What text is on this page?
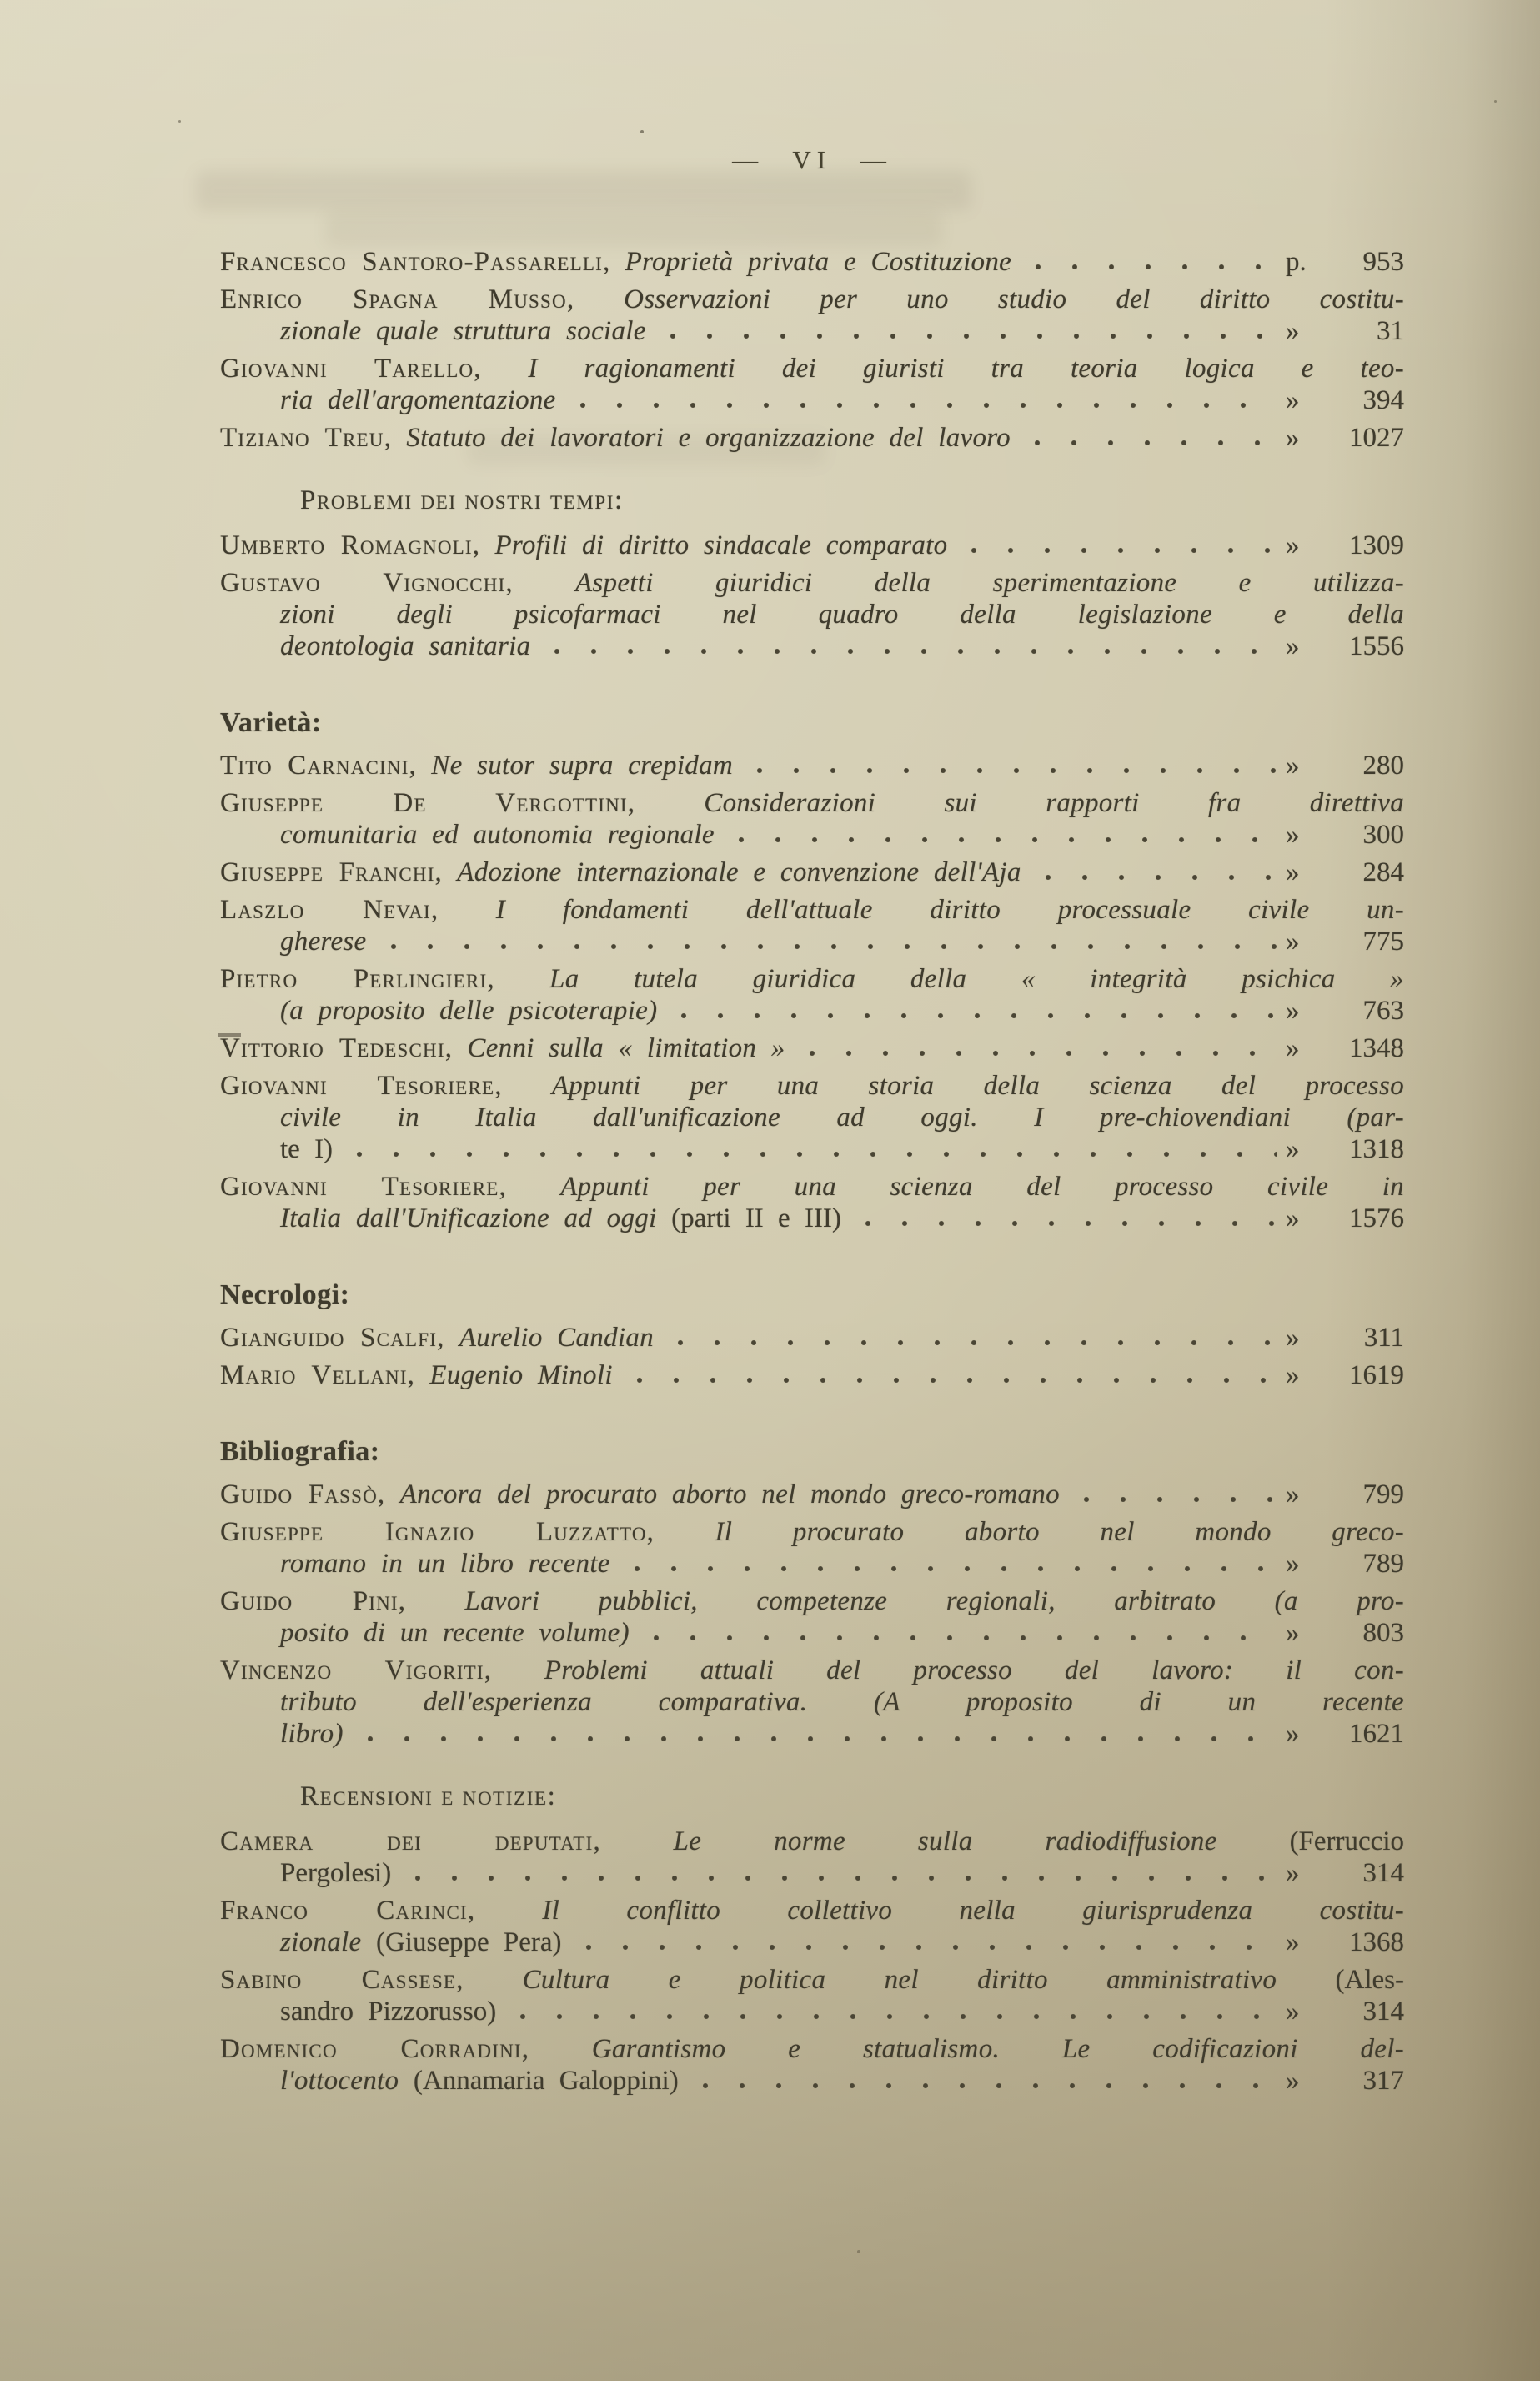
— VI —
Francesco Santoro-Passarelli, Proprietà privata e Costituzione	p.	953
Enrico Spagna Musso, Osservazioni per uno studio del diritto costitu-
zionale quale struttura sociale	»	31
Giovanni Tarello, I ragionamenti dei giuristi tra teoria logica e teo-
ria dell'argomentazione	»	394
Tiziano Treu, Statuto dei lavoratori e organizzazione del lavoro	»	1027
Problemi dei nostri tempi:
Umberto Romagnoli, Profili di diritto sindacale comparato	»	1309
Gustavo Vignocchi, Aspetti giuridici della sperimentazione e utilizza-
zioni degli psicofarmaci nel quadro della legislazione e della
deontologia sanitaria	»	1556
Varietà:
Tito Carnacini, Ne sutor supra crepidam	»	280
Giuseppe De Vergottini, Considerazioni sui rapporti fra direttiva
comunitaria ed autonomia regionale	»	300
Giuseppe Franchi, Adozione internazionale e convenzione dell'Aja	»	284
Laszlo Nevai, I fondamenti dell'attuale diritto processuale civile un-
gherese	»	775
Pietro Perlingieri, La tutela giuridica della « integrità psichica »
(a proposito delle psicoterapie)	»	763
Vittorio Tedeschi, Cenni sulla « limitation »	»	1348
Giovanni Tesoriere, Appunti per una storia della scienza del processo
civile in Italia dall'unificazione ad oggi. I pre-chiovendiani (par-
te I)	»	1318
Giovanni Tesoriere, Appunti per una scienza del processo civile in
Italia dall'Unificazione ad oggi (parti II e III)	»	1576
Necrologi:
Gianguido Scalfi, Aurelio Candian	»	311
Mario Vellani, Eugenio Minoli	»	1619
Bibliografia:
Guido Fassò, Ancora del procurato aborto nel mondo greco-romano	»	799
Giuseppe Ignazio Luzzatto, Il procurato aborto nel mondo greco-
romano in un libro recente	»	789
Guido Pini, Lavori pubblici, competenze regionali, arbitrato (a pro-
posito di un recente volume)	»	803
Vincenzo Vigoriti, Problemi attuali del processo del lavoro: il con-
tributo dell'esperienza comparativa. (A proposito di un recente
libro)	»	1621
Recensioni e notizie:
Camera dei deputati,	Le norme sulla radiodiffusione (Ferruccio
Pergolesi)	»	314
Franco Carinci, Il conflitto collettivo nella giurisprudenza costitu-
zionale (Giuseppe Pera)	»	1368
Sabino Cassese, Cultura e politica nel diritto amministrativo (Ales-
sandro Pizzorusso)	»	314
Domenico Corradini, Garantismo e statualismo. Le codificazioni del-
l'ottocento (Annamaria Galoppini)	»	317
